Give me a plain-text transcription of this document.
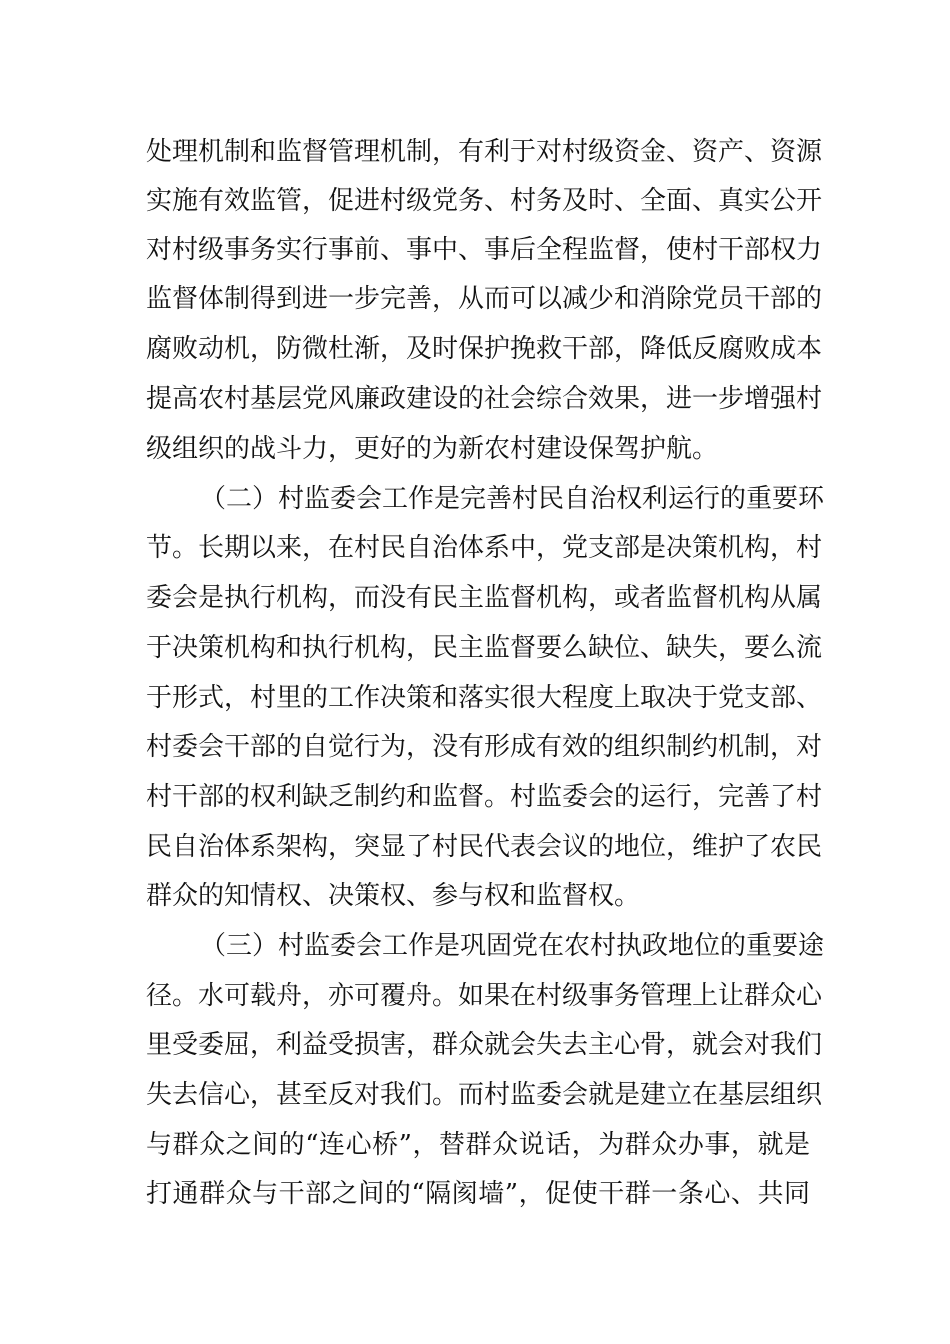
处理机制和监督管理机制，有利于对村级资金、资产、资源
实施有效监管，促进村级党务、村务及时、全面、真实公开
对村级事务实行事前、事中、事后全程监督，使村干部权力
监督体制得到进一步完善，从而可以减少和消除党员干部的
腐败动机，防微杜渐，及时保护挽救干部，降低反腐败成本
提高农村基层党风廉政建设的社会综合效果，进一步增强村
级组织的战斗力，更好的为新农村建设保驾护航。
（二）村监委会工作是完善村民自治权利运行的重要环
节。长期以来，在村民自治体系中，党支部是决策机构，村
委会是执行机构，而没有民主监督机构，或者监督机构从属
于决策机构和执行机构，民主监督要么缺位、缺失，要么流
于形式，村里的工作决策和落实很大程度上取决于党支部、
村委会干部的自觉行为，没有形成有效的组织制约机制，对
村干部的权利缺乏制约和监督。村监委会的运行，完善了村
民自治体系架构，突显了村民代表会议的地位，维护了农民
群众的知情权、决策权、参与权和监督权。
（三）村监委会工作是巩固党在农村执政地位的重要途
径。水可载舟，亦可覆舟。如果在村级事务管理上让群众心
里受委屈，利益受损害，群众就会失去主心骨，就会对我们
失去信心，甚至反对我们。而村监委会就是建立在基层组织
与群众之间的“连心桥”，替群众说话，为群众办事，就是
打通群众与干部之间的“隔阂墙”，促使干群一条心、共同
